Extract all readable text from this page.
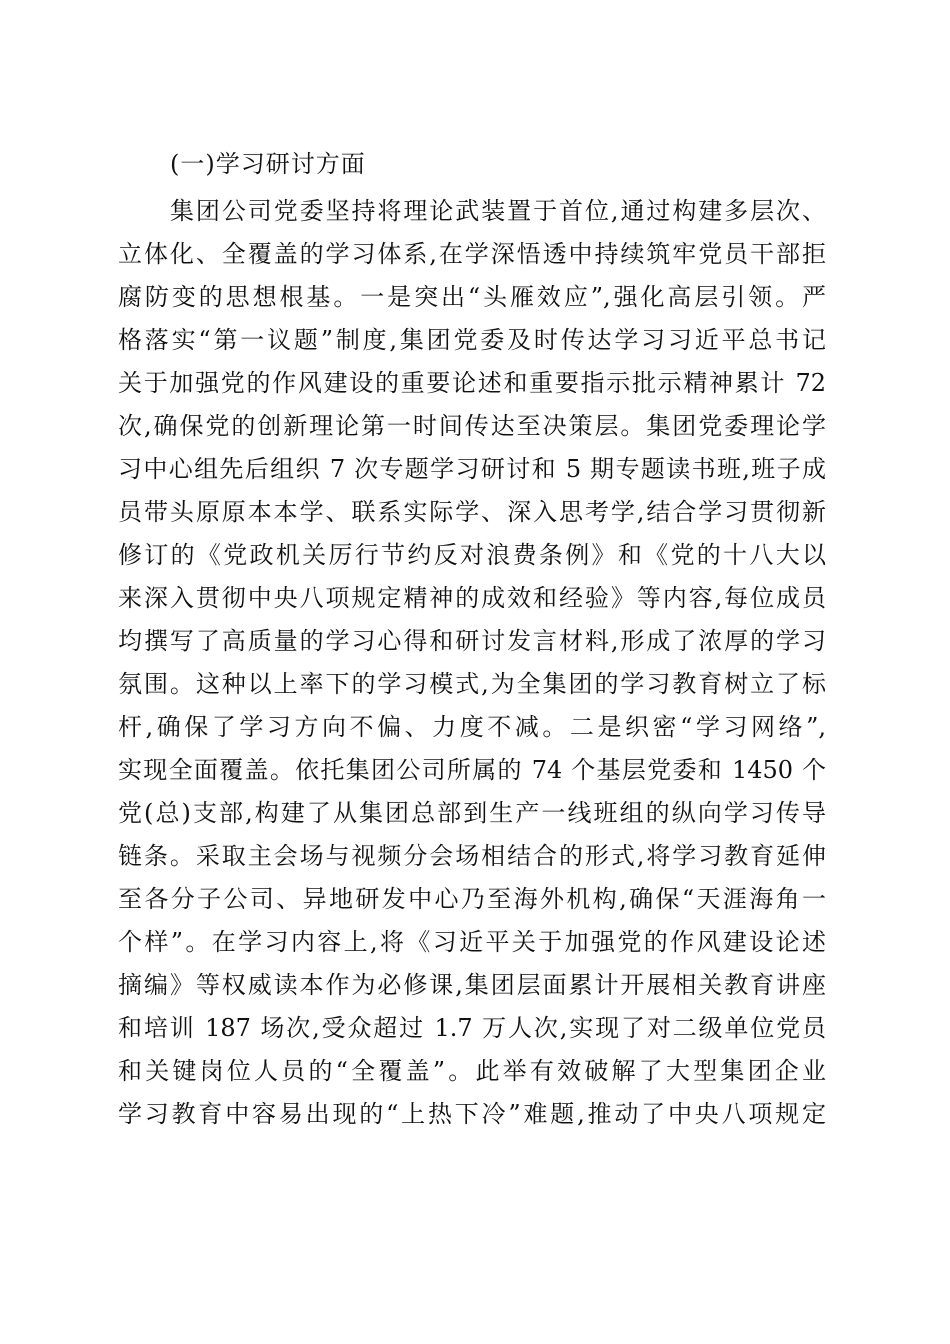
(一)学习研讨方面
集团公司党委坚持将理论武装置于首位,通过构建多层次、
立体化、全覆盖的学习体系,在学深悟透中持续筑牢党员干部拒
腐防变的思想根基。一是突出“头雁效应”,强化高层引领。严
格落实“第一议题”制度,集团党委及时传达学习习近平总书记
关于加强党的作风建设的重要论述和重要指示批示精神累计 72
次,确保党的创新理论第一时间传达至决策层。集团党委理论学
习中心组先后组织 7 次专题学习研讨和 5 期专题读书班,班子成
员带头原原本本学、联系实际学、深入思考学,结合学习贯彻新
修订的《党政机关厉行节约反对浪费条例》和《党的十八大以
来深入贯彻中央八项规定精神的成效和经验》等内容,每位成员
均撰写了高质量的学习心得和研讨发言材料,形成了浓厚的学习
氛围。这种以上率下的学习模式,为全集团的学习教育树立了标
杆,确保了学习方向不偏、力度不减。二是织密“学习网络”,
实现全面覆盖。依托集团公司所属的 74 个基层党委和 1450 个
党(总)支部,构建了从集团总部到生产一线班组的纵向学习传导
链条。采取主会场与视频分会场相结合的形式,将学习教育延伸
至各分子公司、异地研发中心乃至海外机构,确保“天涯海角一
个样”。在学习内容上,将《习近平关于加强党的作风建设论述
摘编》等权威读本作为必修课,集团层面累计开展相关教育讲座
和培训 187 场次,受众超过 1.7 万人次,实现了对二级单位党员
和关键岗位人员的“全覆盖”。此举有效破解了大型集团企业
学习教育中容易出现的“上热下冷”难题,推动了中央八项规定
